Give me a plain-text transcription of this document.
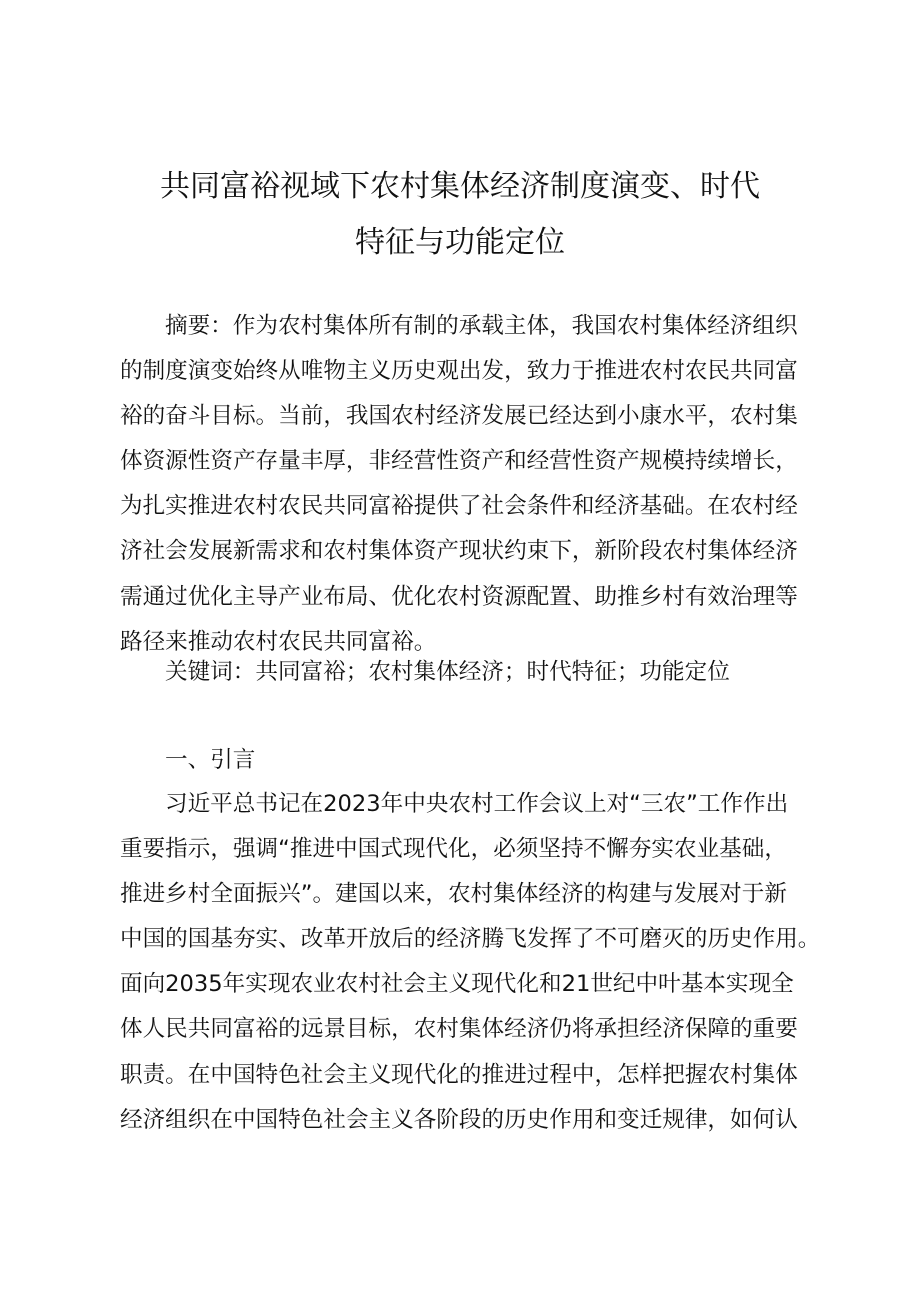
共同富裕视域下农村集体经济制度演变、时代
特征与功能定位
摘要：作为农村集体所有制的承载主体，我国农村集体经济组织
的制度演变始终从唯物主义历史观出发，致力于推进农村农民共同富
裕的奋斗目标。当前，我国农村经济发展已经达到小康水平，农村集
体资源性资产存量丰厚，非经营性资产和经营性资产规模持续增长，
为扎实推进农村农民共同富裕提供了社会条件和经济基础。在农村经
济社会发展新需求和农村集体资产现状约束下，新阶段农村集体经济
需通过优化主导产业布局、优化农村资源配置、助推乡村有效治理等
路径来推动农村农民共同富裕。
关键词：共同富裕；农村集体经济；时代特征；功能定位
一、引言
习近平总书记在2023年中央农村工作会议上对“三农”工作作出
重要指示，强调“推进中国式现代化，必须坚持不懈夯实农业基础，
推进乡村全面振兴”。建国以来，农村集体经济的构建与发展对于新
中国的国基夯实、改革开放后的经济腾飞发挥了不可磨灭的历史作用。
面向2035年实现农业农村社会主义现代化和21世纪中叶基本实现全
体人民共同富裕的远景目标，农村集体经济仍将承担经济保障的重要
职责。在中国特色社会主义现代化的推进过程中，怎样把握农村集体
经济组织在中国特色社会主义各阶段的历史作用和变迁规律，如何认
